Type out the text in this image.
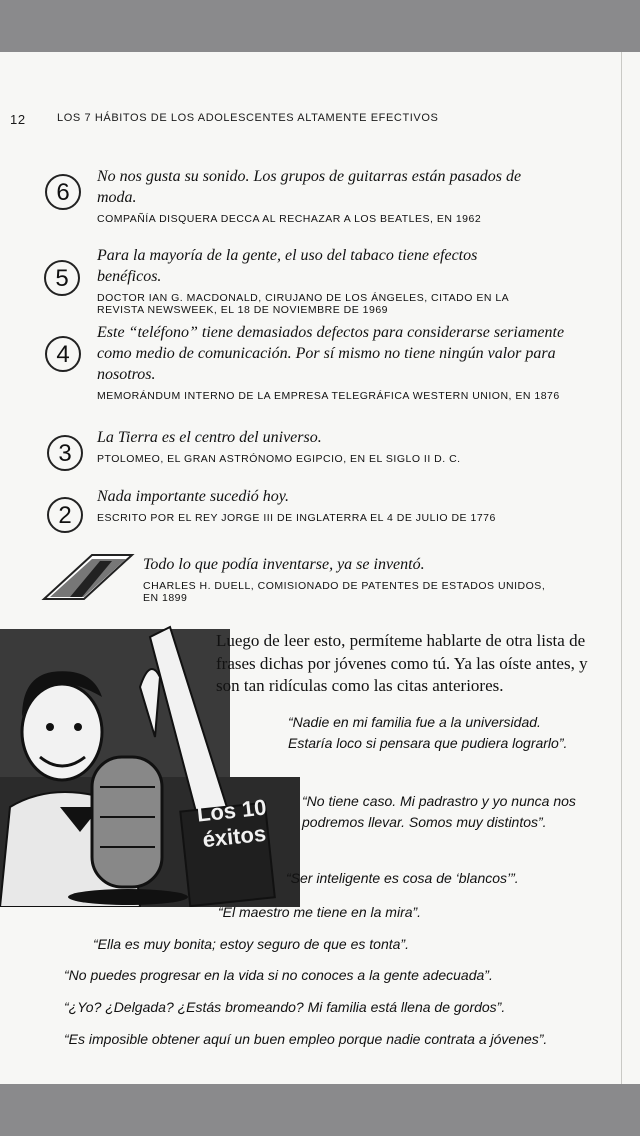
12	LOS 7 HÁBITOS DE LOS ADOLESCENTES ALTAMENTE EFECTIVOS
6
No nos gusta su sonido. Los grupos de guitarras están pasados de moda.
COMPAÑÍA DISQUERA DECCA AL RECHAZAR A LOS BEATLES, EN 1962
5
Para la mayoría de la gente, el uso del tabaco tiene efectos benéficos.
DOCTOR IAN G. MACDONALD, CIRUJANO DE LOS ÁNGELES, CITADO EN LA REVISTA NEWSWEEK, EL 18 DE NOVIEMBRE DE 1969
4
Este “teléfono” tiene demasiados defectos para considerarse seriamente como medio de comunicación. Por sí mismo no tiene ningún valor para nosotros.
MEMORÁNDUM INTERNO DE LA EMPRESA TELEGRÁFICA WESTERN UNION, EN 1876
3
La Tierra es el centro del universo.
PTOLOMEO, EL GRAN ASTRÓNOMO EGIPCIO, EN EL SIGLO II D. C.
2
Nada importante sucedió hoy.
ESCRITO POR EL REY JORGE III DE INGLATERRA EL 4 DE JULIO DE 1776
Todo lo que podía inventarse, ya se inventó.
CHARLES H. DUELL, COMISIONADO DE PATENTES DE ESTADOS UNIDOS, EN 1899
Los 10
éxitos
Luego de leer esto, permíteme hablarte de otra lista de frases dichas por jóvenes como tú. Ya las oíste antes, y son tan ridículas como las citas anteriores.
“Nadie en mi familia fue a la universidad. Estaría loco si pensara que pudiera lograrlo”.
“No tiene caso. Mi padrastro y yo nunca nos podremos llevar. Somos muy distintos”.
“Ser inteligente es cosa de ‘blancos’”.
“El maestro me tiene en la mira”.
“Ella es muy bonita; estoy seguro de que es tonta”.
“No puedes progresar en la vida si no conoces a la gente adecuada”.
“¿Yo? ¿Delgada? ¿Estás bromeando? Mi familia está llena de gordos”.
“Es imposible obtener aquí un buen empleo porque nadie contrata a jóvenes”.
